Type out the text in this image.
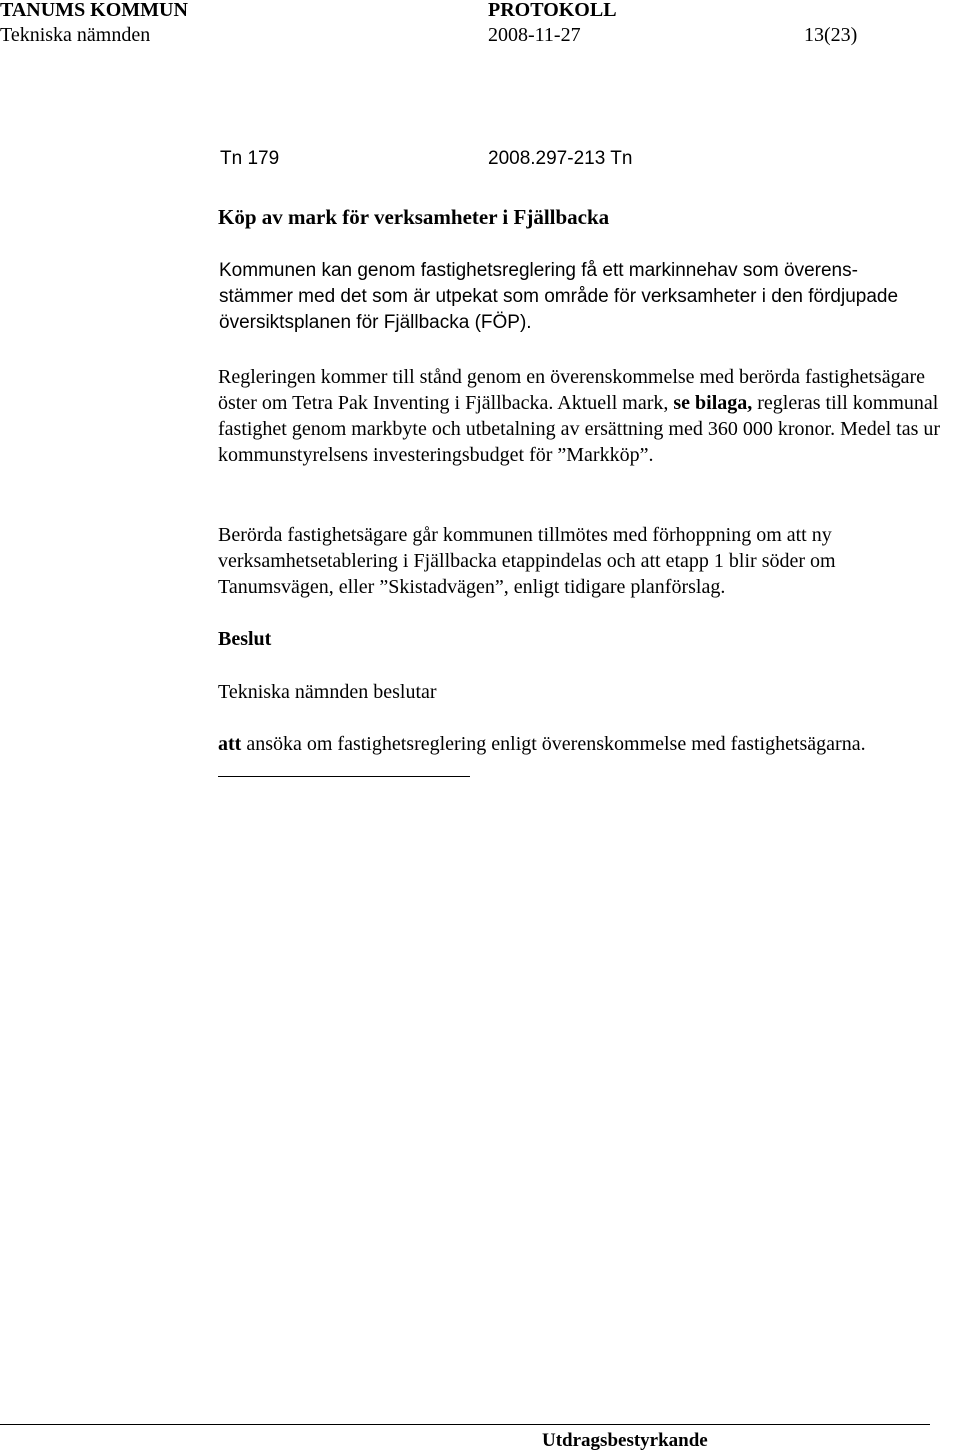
TANUMS KOMMUN	PROTOKOLL
Tekniska nämnden	2008-11-27	13(23)
Tn 179	2008.297-213 Tn
Köp av mark för verksamheter i Fjällbacka
Kommunen kan genom fastighetsreglering få ett markinnehav som överens-
stämmer med det som är utpekat som område för verksamheter i den fördjupade
översiktsplanen för Fjällbacka (FÖP).

Regleringen kommer till stånd genom en överenskommelse med berörda fastighetsägare öster om Tetra Pak Inventing i Fjällbacka. Aktuell mark, se bilaga, regleras till kommunal fastighet genom markbyte och utbetalning av ersättning med 360 000 kronor. Medel tas ur kommunstyrelsens investeringsbudget för ”Markköp”.

Berörda fastighetsägare går kommunen tillmötes med förhoppning om att ny verksamhetsetablering i Fjällbacka etappindelas och att etapp 1 blir söder om Tanumsvägen, eller ”Skistadvägen”, enligt tidigare planförslag.

Beslut
Tekniska nämnden beslutar
att ansöka om fastighetsreglering enligt överenskommelse med fastighetsägarna.
Utdragsbestyrkande
